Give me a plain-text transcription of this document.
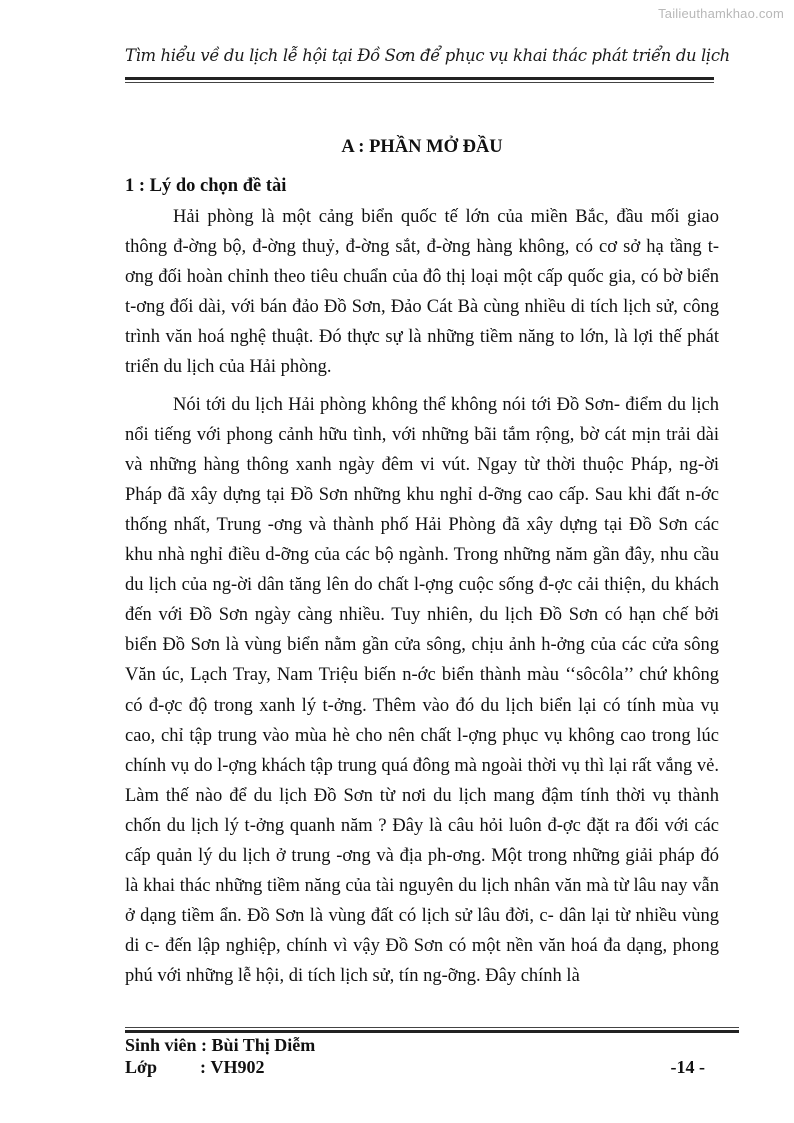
Tailieuthamkhao.com
Tìm hiểu về du lịch lễ hội tại Đồ Sơn để phục vụ khai thác phát triển du lịch
A : PHẦN MỞ ĐẦU
1 : Lý do chọn đề tài

Hải phòng là một cảng biển quốc tế lớn của miền Bắc, đầu mối giao thông đ-ờng bộ, đ-ờng thuỷ, đ-ờng sắt, đ-ờng hàng không, có cơ sở hạ tầng t-ơng đối hoàn chỉnh theo tiêu chuẩn của đô thị loại một cấp quốc gia, có bờ biển t-ơng đối dài, với bán đảo Đồ Sơn, Đảo Cát Bà cùng nhiều di tích lịch sử, công trình văn hoá nghệ thuật. Đó thực sự là những tiềm năng to lớn, là lợi thế phát triển du lịch của Hải phòng.

Nói tới du lịch Hải phòng không thể không nói tới Đồ Sơn- điểm du lịch nổi tiếng với phong cảnh hữu tình, với những bãi tắm rộng, bờ cát mịn trải dài và những hàng thông xanh ngày đêm vi vút. Ngay từ thời thuộc Pháp, ng-ời Pháp đã xây dựng tại Đồ Sơn những khu nghỉ d-ỡng cao cấp. Sau khi đất n-ớc thống nhất, Trung -ơng và thành phố Hải Phòng đã xây dựng tại Đồ Sơn các khu nhà nghỉ điều d-ỡng của các bộ ngành. Trong những năm gần đây, nhu cầu du lịch của ng-ời dân tăng lên do chất l-ợng cuộc sống đ-ợc cải thiện, du khách đến với Đồ Sơn ngày càng nhiều. Tuy nhiên, du lịch Đồ Sơn có hạn chế bởi biển Đồ Sơn là vùng biển nằm gần cửa sông, chịu ảnh h-ởng của các cửa sông Văn úc, Lạch Tray, Nam Triệu biến n-ớc biển thành màu ‘‘sôcôla’’ chứ không có đ-ợc độ trong xanh lý t-ởng. Thêm vào đó du lịch biển lại có tính mùa vụ cao, chỉ tập trung vào mùa hè cho nên chất l-ợng phục vụ không cao trong lúc chính vụ do l-ợng khách tập trung quá đông mà ngoài thời vụ thì lại rất vắng vẻ. Làm thế nào để du lịch Đồ Sơn từ nơi du lịch mang đậm tính thời vụ thành chốn du lịch lý t-ởng quanh năm ? Đây là câu hỏi luôn đ-ợc đặt ra đối với các cấp quản lý du lịch ở trung -ơng và địa ph-ơng. Một trong những giải pháp đó là khai thác những tiềm năng của tài nguyên du lịch nhân văn mà từ lâu nay vẫn ở dạng tiềm ẩn. Đồ Sơn là vùng đất có lịch sử lâu đời, c- dân lại từ nhiều vùng di c- đến lập nghiệp, chính vì vậy Đồ Sơn có một nền văn hoá đa dạng, phong phú với những lễ hội, di tích lịch sử, tín ng-ỡng. Đây chính là

Sinh viên : Bùi Thị Diễm
Lớp	: VH902	-14 -
